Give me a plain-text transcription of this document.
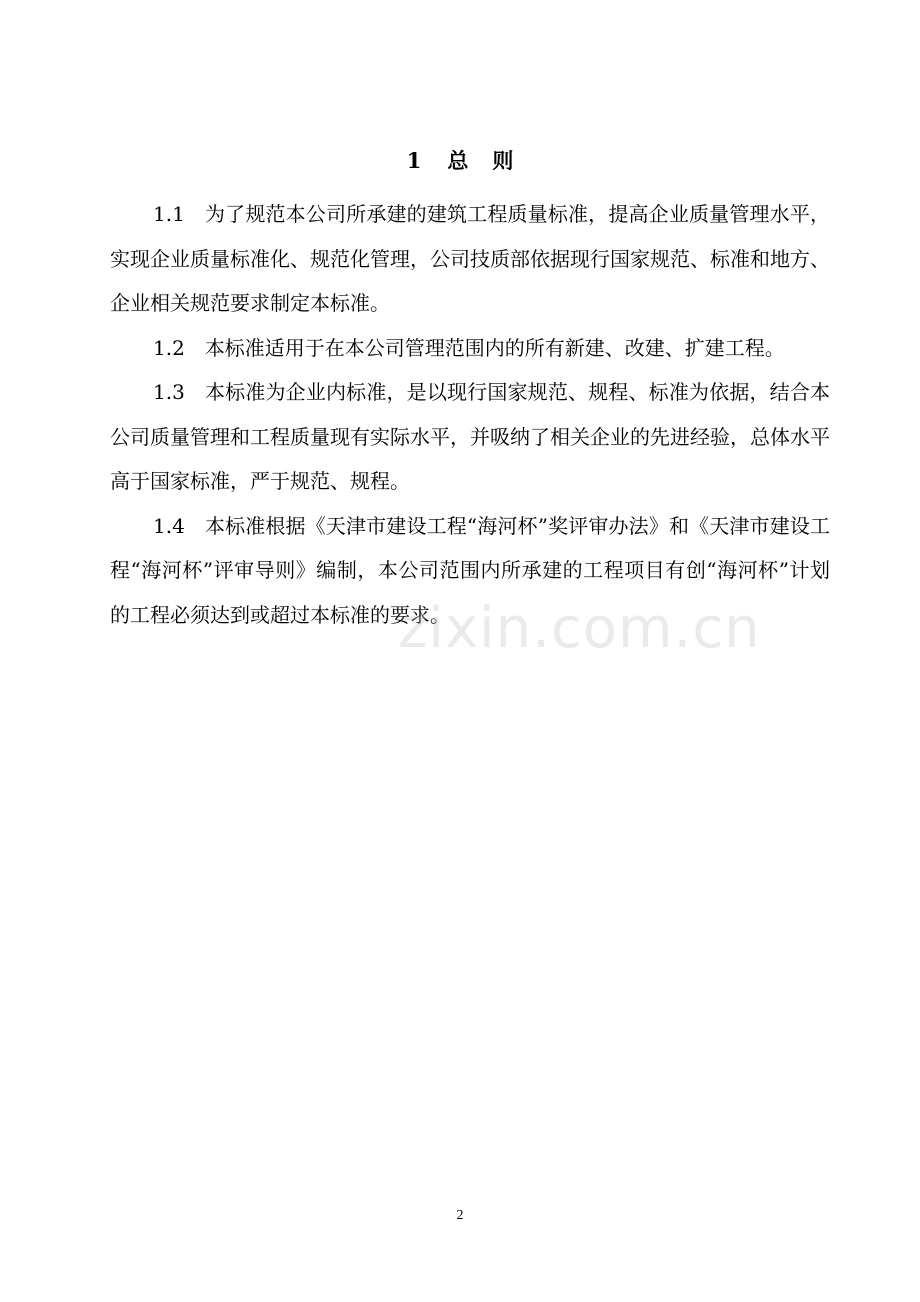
1 总 则

1.1 为了规范本公司所承建的建筑工程质量标准，提高企业质量管理水平，实现企业质量标准化、规范化管理，公司技质部依据现行国家规范、标准和地方、企业相关规范要求制定本标准。

1.2 本标准适用于在本公司管理范围内的所有新建、改建、扩建工程。

1.3 本标准为企业内标准，是以现行国家规范、规程、标准为依据，结合本公司质量管理和工程质量现有实际水平，并吸纳了相关企业的先进经验，总体水平高于国家标准，严于规范、规程。

1.4 本标准根据《天津市建设工程“海河杯”奖评审办法》和《天津市建设工程“海河杯”评审导则》编制，本公司范围内所承建的工程项目有创“海河杯”计划的工程必须达到或超过本标准的要求。

zixin.com.cn
2
